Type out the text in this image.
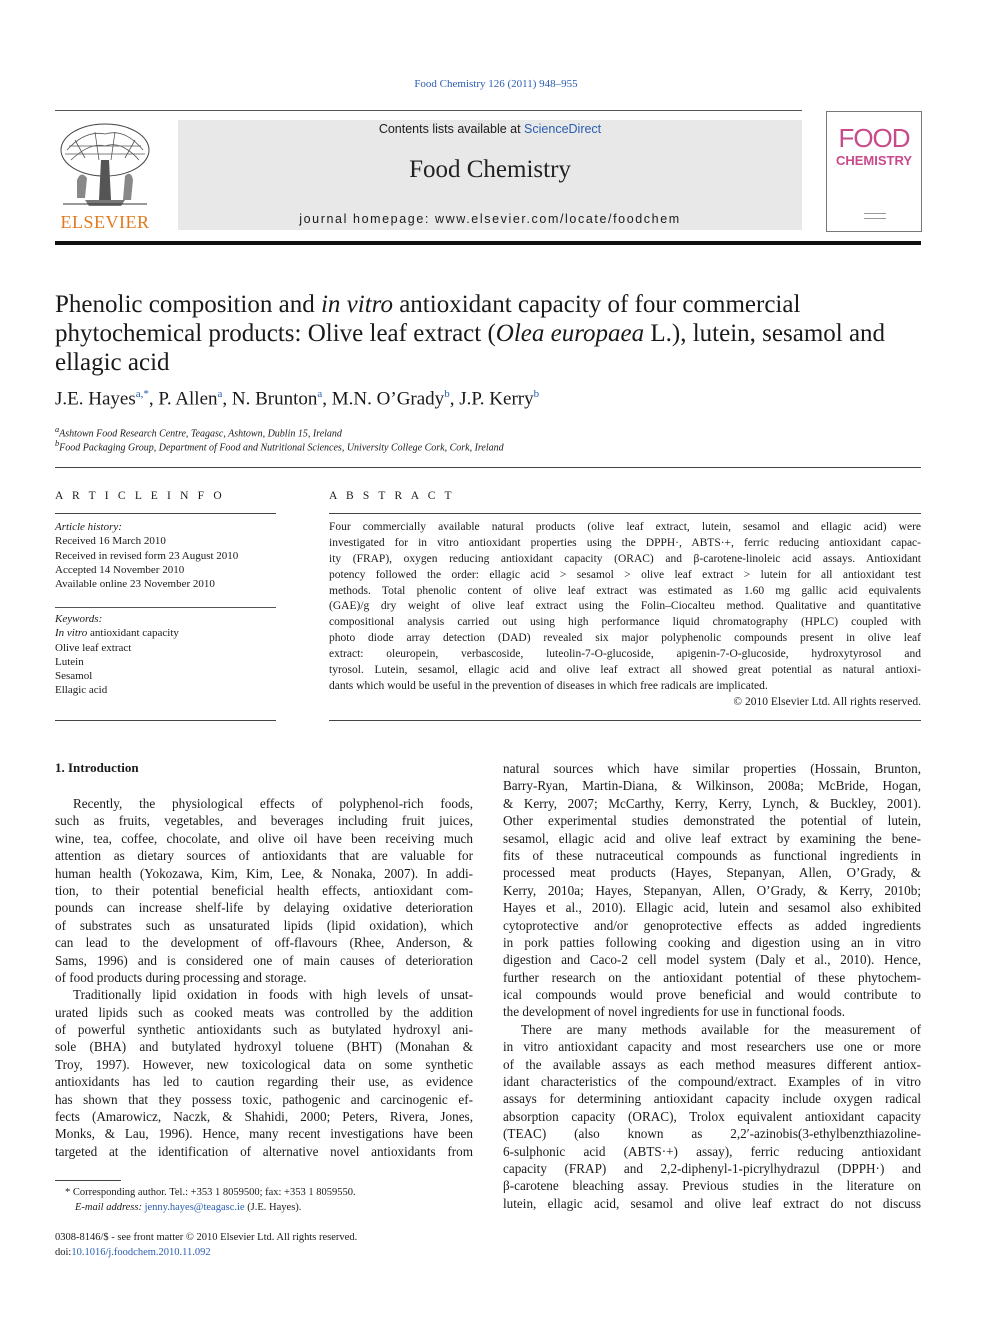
Food Chemistry 126 (2011) 948–955
ELSEVIER
Contents lists available at ScienceDirect
Food Chemistry
journal homepage: www.elsevier.com/locate/foodchem
FOOD
CHEMISTRY
Phenolic composition and in vitro antioxidant capacity of four commercial phytochemical products: Olive leaf extract (Olea europaea L.), lutein, sesamol and ellagic acid
J.E. Hayes$^{a,*}$, P. Allen$^a$, N. Brunton$^a$, M.N. O’Grady$^b$, J.P. Kerry$^b$
$^a$Ashtown Food Research Centre, Teagasc, Ashtown, Dublin 15, Ireland
$^b$Food Packaging Group, Department of Food and Nutritional Sciences, University College Cork, Cork, Ireland
A R T I C L E I N F O	A B S T R A C T
Article history:
Received 16 March 2010
Received in revised form 23 August 2010
Accepted 14 November 2010
Available online 23 November 2010
Keywords:
In vitro antioxidant capacity
Olive leaf extract
Lutein
Sesamol
Ellagic acid
Four commercially available natural products (olive leaf extract, lutein, sesamol and ellagic acid) were
investigated for in vitro antioxidant properties using the DPPH·, ABTS·+, ferric reducing antioxidant capac-
ity (FRAP), oxygen reducing antioxidant capacity (ORAC) and β-carotene-linoleic acid assays. Antioxidant
potency followed the order: ellagic acid > sesamol > olive leaf extract > lutein for all antioxidant test
methods. Total phenolic content of olive leaf extract was estimated as 1.60 mg gallic acid equivalents
(GAE)/g dry weight of olive leaf extract using the Folin–Ciocalteu method. Qualitative and quantitative
compositional analysis carried out using high performance liquid chromatography (HPLC) coupled with
photo diode array detection (DAD) revealed six major polyphenolic compounds present in olive leaf
extract: oleuropein, verbascoside, luteolin-7-O-glucoside, apigenin-7-O-glucoside, hydroxytyrosol and
tyrosol. Lutein, sesamol, ellagic acid and olive leaf extract all showed great potential as natural antioxi-
dants which would be useful in the prevention of diseases in which free radicals are implicated.
© 2010 Elsevier Ltd. All rights reserved.
1. Introduction
Recently, the physiological effects of polyphenol-rich foods,
such as fruits, vegetables, and beverages including fruit juices,
wine, tea, coffee, chocolate, and olive oil have been receiving much
attention as dietary sources of antioxidants that are valuable for
human health (Yokozawa, Kim, Kim, Lee, & Nonaka, 2007). In addi-
tion, to their potential beneficial health effects, antioxidant com-
pounds can increase shelf-life by delaying oxidative deterioration
of substrates such as unsaturated lipids (lipid oxidation), which
can lead to the development of off-flavours (Rhee, Anderson, &
Sams, 1996) and is considered one of main causes of deterioration
of food products during processing and storage.
Traditionally lipid oxidation in foods with high levels of unsat-
urated lipids such as cooked meats was controlled by the addition
of powerful synthetic antioxidants such as butylated hydroxyl ani-
sole (BHA) and butylated hydroxyl toluene (BHT) (Monahan &
Troy, 1997). However, new toxicological data on some synthetic
antioxidants has led to caution regarding their use, as evidence
has shown that they possess toxic, pathogenic and carcinogenic ef-
fects (Amarowicz, Naczk, & Shahidi, 2000; Peters, Rivera, Jones,
Monks, & Lau, 1996). Hence, many recent investigations have been
targeted at the identification of alternative novel antioxidants from
natural sources which have similar properties (Hossain, Brunton,
Barry-Ryan, Martin-Diana, & Wilkinson, 2008a; McBride, Hogan,
& Kerry, 2007; McCarthy, Kerry, Kerry, Lynch, & Buckley, 2001).
Other experimental studies demonstrated the potential of lutein,
sesamol, ellagic acid and olive leaf extract by examining the bene-
fits of these nutraceutical compounds as functional ingredients in
processed meat products (Hayes, Stepanyan, Allen, O’Grady, &
Kerry, 2010a; Hayes, Stepanyan, Allen, O’Grady, & Kerry, 2010b;
Hayes et al., 2010). Ellagic acid, lutein and sesamol also exhibited
cytoprotective and/or genoprotective effects as added ingredients
in pork patties following cooking and digestion using an in vitro
digestion and Caco-2 cell model system (Daly et al., 2010). Hence,
further research on the antioxidant potential of these phytochem-
ical compounds would prove beneficial and would contribute to
the development of novel ingredients for use in functional foods.
There are many methods available for the measurement of
in vitro antioxidant capacity and most researchers use one or more
of the available assays as each method measures different antiox-
idant characteristics of the compound/extract. Examples of in vitro
assays for determining antioxidant capacity include oxygen radical
absorption capacity (ORAC), Trolox equivalent antioxidant capacity
(TEAC) (also known as 2,2′-azinobis(3-ethylbenzthiazoline-
6-sulphonic acid (ABTS·+) assay), ferric reducing antioxidant
capacity (FRAP) and 2,2-diphenyl-1-picrylhydrazul (DPPH·) and
β-carotene bleaching assay. Previous studies in the literature on
lutein, ellagic acid, sesamol and olive leaf extract do not discuss
* Corresponding author. Tel.: +353 1 8059500; fax: +353 1 8059550.
E-mail address: jenny.hayes@teagasc.ie (J.E. Hayes).
0308-8146/$ - see front matter © 2010 Elsevier Ltd. All rights reserved.
doi:10.1016/j.foodchem.2010.11.092
